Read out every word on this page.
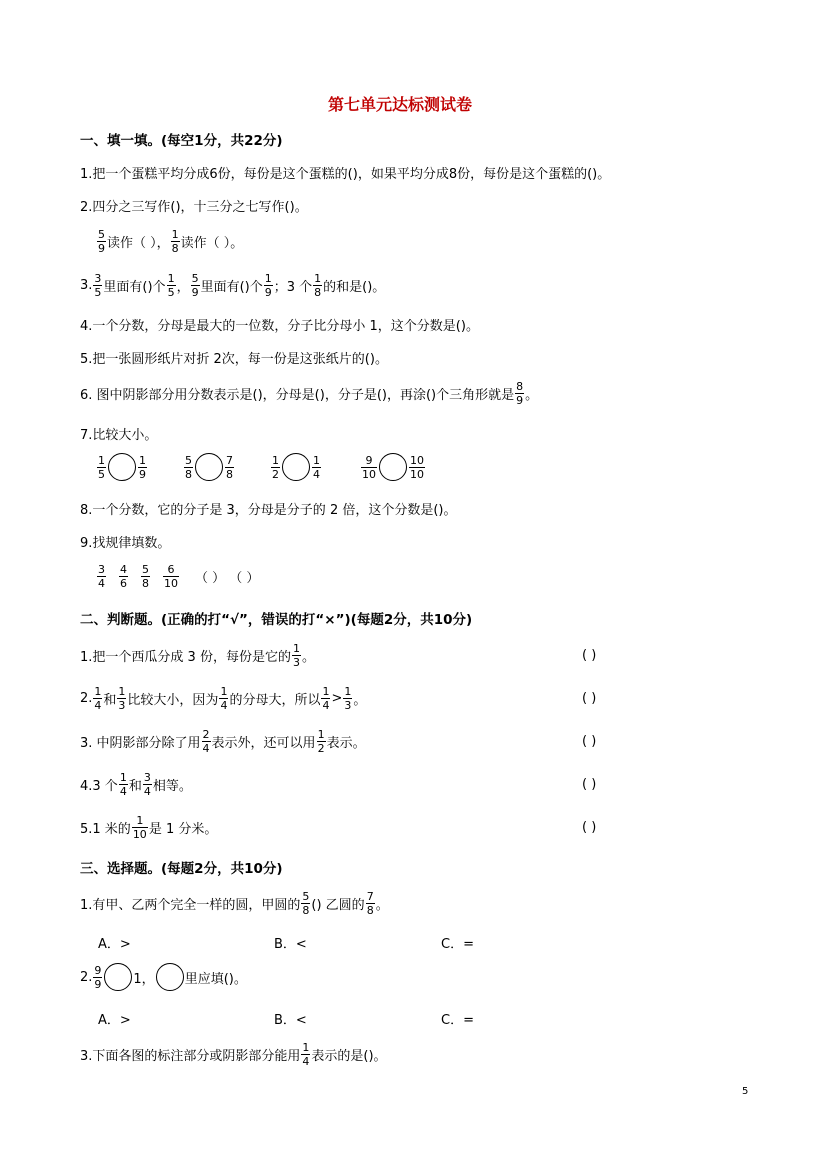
第七单元达标测试卷
一、填一填。(每空1分，共22分)
1.把一个蛋糕平均分成6份，每份是这个蛋糕的()，如果平均分成8份，每份是这个蛋糕的()。
2.四分之三写作()，十三分之七写作()。
5
9 读作（ ），
1
8 读作（ ）。
3. 3
5 里面有()个
1
5 ，
5
9 里面有()个
1
9 ；3 个
1
8 的和是()。
4.一个分数，分母是最大的一位数，分子比分母小 1，这个分数是()。
5.把一张圆形纸片对折 2次，每一份是这张纸片的()。
6. 图中阴影部分用分数表示是()，分母是()，分子是()，再涂()个三角形就是
8
9 。
7.比较大小。
1
5
1
9
5
8
7
8
1
2
1
4
9
10
10
10
8.一个分数，它的分子是 3，分母是分子的 2 倍，这个分数是()。
9.找规律填数。
3
4
4
6
5
8
6
10 （ ） （ ）
二、判断题。(正确的打“√”，错误的打“×”)(每题2分，共10分)
1.把一个西瓜分成 3 份，每份是它的
1
3 。	( )
2. 1
4 和
1
3 比较大小，因为
1
4 的分母大，所以
1
4 > 1
3 。	( )
3. 中阴影部分除了用
2
4 表示外，还可以用
1
2 表示。	( )
4.3 个
1
4 和
3
4 相等。	( )
5.1 米的
1
10 是 1 分米。	( )
三、选择题。(每题2分，共10分)
1.有甲、乙两个完全一样的圆，甲圆的
5
8 () 乙圆的
7
8 。
A．>	B．<	C．=
2. 9
9 1， 里应填()。
A．>	B．<	C．=
3.下面各图的标注部分或阴影部分能用
1
4 表示的是()。
5
